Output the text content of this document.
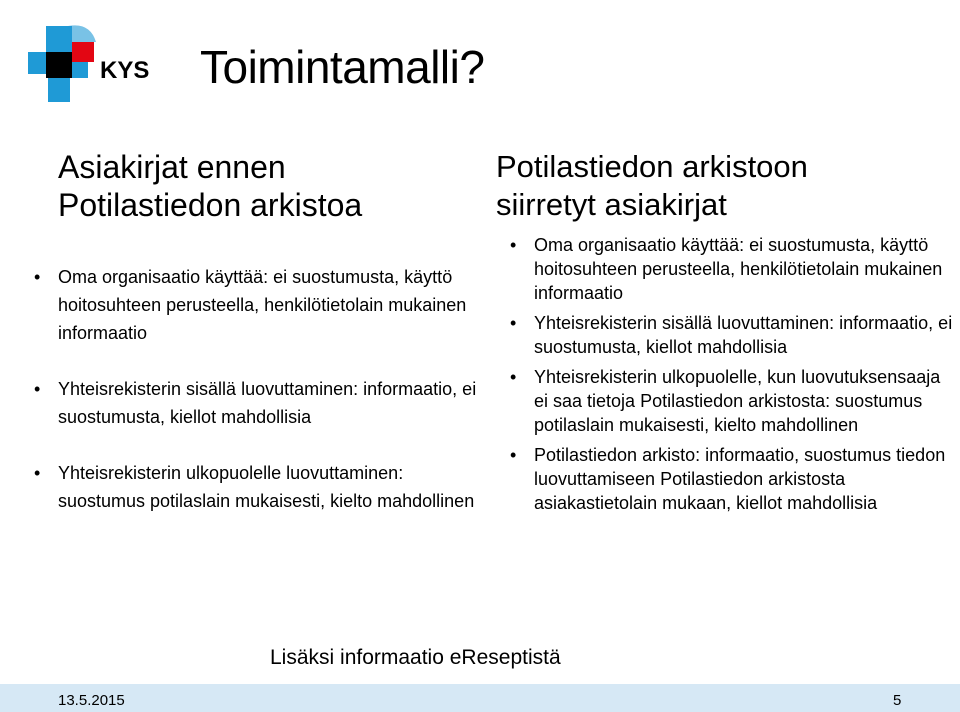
KYS Toimintamalli?
Asiakirjat ennen
Potilastiedon arkistoa
• Oma organisaatio käyttää: ei suostumusta, käyttö hoitosuhteen perusteella, henkilötietolain mukainen informaatio
• Yhteisrekisterin sisällä luovuttaminen: informaatio, ei suostumusta, kiellot mahdollisia
• Yhteisrekisterin ulkopuolelle luovuttaminen: suostumus potilaslain mukaisesti, kielto mahdollinen
Potilastiedon arkistoon
siirretyt asiakirjat
• Oma organisaatio käyttää: ei suostumusta, käyttö hoitosuhteen perusteella, henkilötietolain mukainen informaatio
• Yhteisrekisterin sisällä luovuttaminen: informaatio, ei suostumusta, kiellot mahdollisia
• Yhteisrekisterin ulkopuolelle, kun luovutuksensaaja ei saa tietoja Potilastiedon arkistosta: suostumus potilaslain mukaisesti, kielto mahdollinen
• Potilastiedon arkisto: informaatio, suostumus tiedon luovuttamiseen Potilastiedon arkistosta asiakastietolain mukaan, kiellot mahdollisia
Lisäksi informaatio eReseptistä
13.5.2015	5
